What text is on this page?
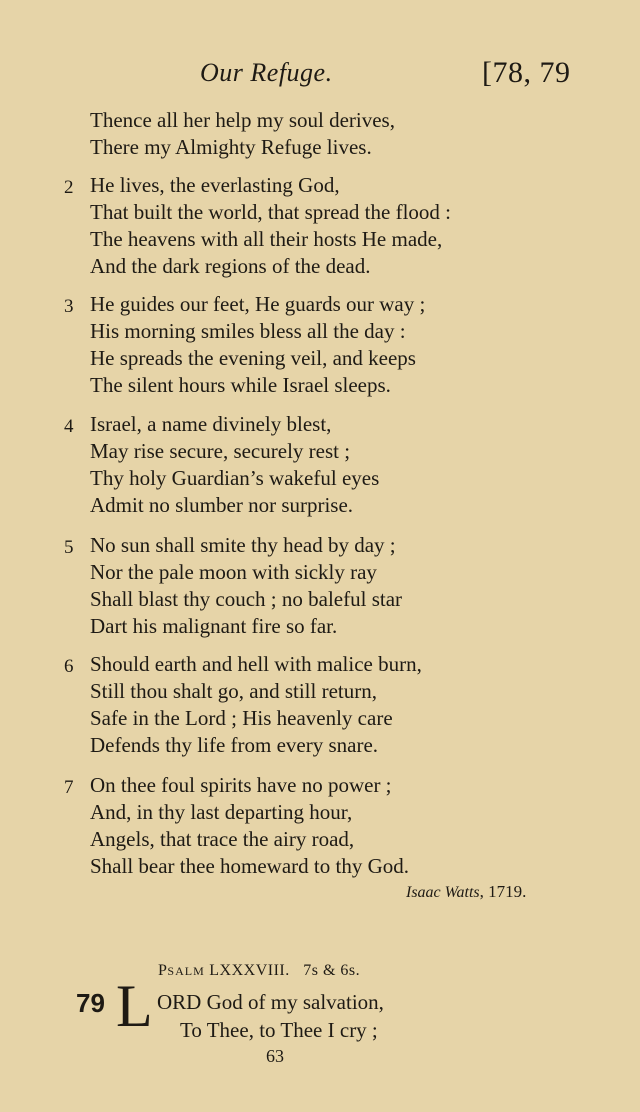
Our Refuge.	[78, 79
Thence all her help my soul derives,
There my Almighty Refuge lives.
2 He lives, the everlasting God,
That built the world, that spread the flood :
The heavens with all their hosts He made,
And the dark regions of the dead.
3 He guides our feet, He guards our way ;
His morning smiles bless all the day :
He spreads the evening veil, and keeps
The silent hours while Israel sleeps.
4 Israel, a name divinely blest,
May rise secure, securely rest ;
Thy holy Guardian’s wakeful eyes
Admit no slumber nor surprise.
5 No sun shall smite thy head by day ;
Nor the pale moon with sickly ray
Shall blast thy couch ; no baleful star
Dart his malignant fire so far.
6 Should earth and hell with malice burn,
Still thou shalt go, and still return,
Safe in the Lord ; His heavenly care
Defends thy life from every snare.
7 On thee foul spirits have no power ;
And, in thy last departing hour,
Angels, that trace the airy road,
Shall bear thee homeward to thy God.
Isaac Watts, 1719.
PSALM LXXXVIII.   7s & 6s.
79 L ORD God of my salvation,
To Thee, to Thee I cry ;
63
